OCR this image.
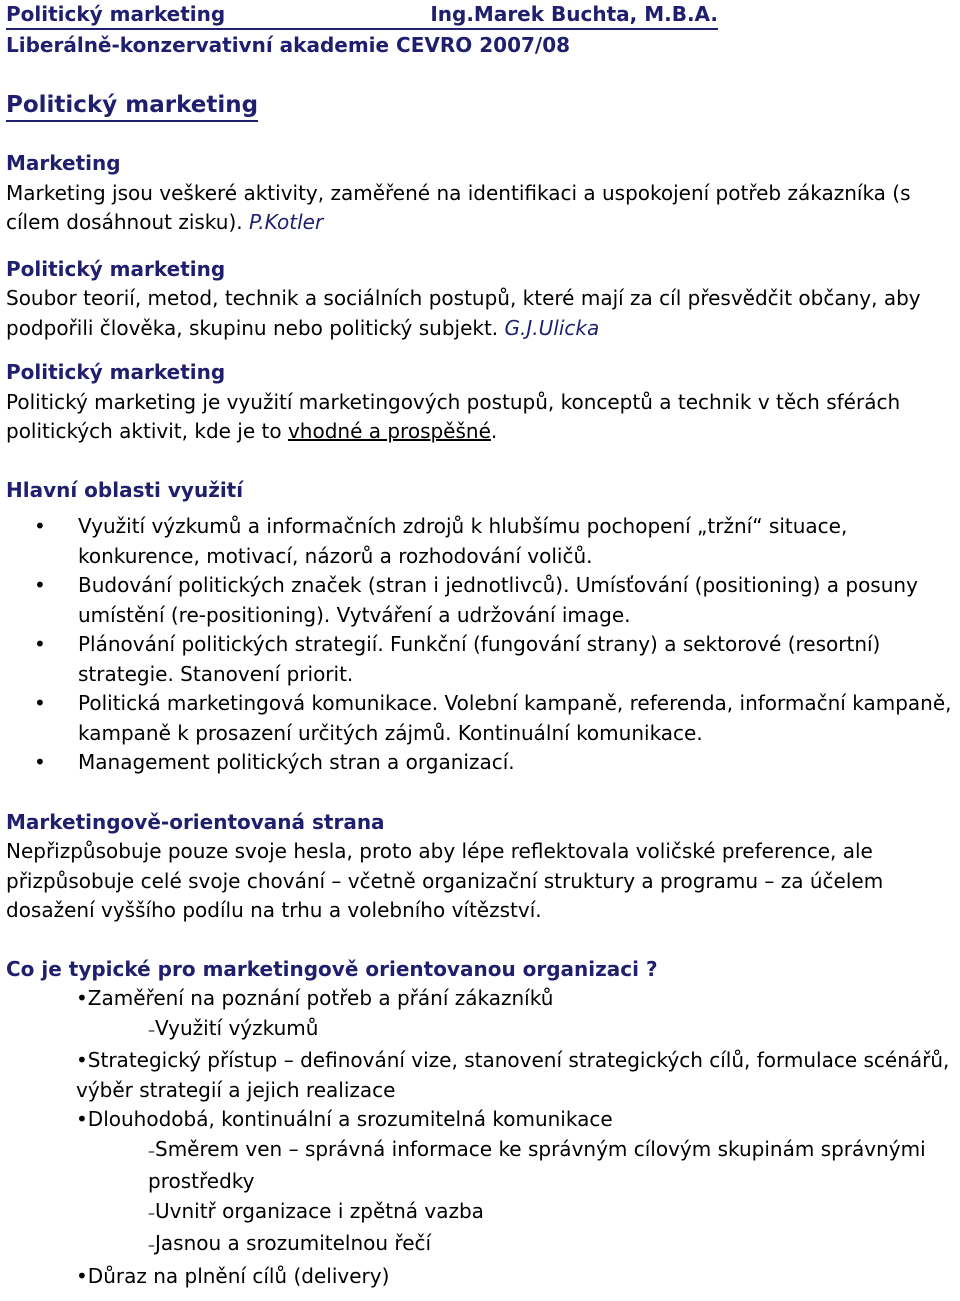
Politický marketing	Ing.Marek Buchta, M.B.A.
Liberálně-konzervativní akademie CEVRO 2007/08
Politický marketing
Marketing
Marketing jsou veškeré aktivity, zaměřené na identifikaci a uspokojení potřeb zákazníka (s cílem dosáhnout zisku). P.Kotler
Politický marketing
Soubor teorií, metod, technik a sociálních postupů, které mají za cíl přesvědčit občany, aby podpořili člověka, skupinu nebo politický subjekt. G.J.Ulicka
Politický marketing
Politický marketing je využití marketingových postupů, konceptů a technik v těch sférách politických aktivit, kde je to vhodné a prospěšné.
Hlavní oblasti využití
• Využití výzkumů a informačních zdrojů k hlubšímu pochopení „tržní“ situace, konkurence, motivací, názorů a rozhodování voličů.
• Budování politických značek (stran i jednotlivců). Umísťování (positioning) a posuny umístění (re-positioning). Vytváření a udržování image.
• Plánování politických strategií. Funkční (fungování strany) a sektorové (resortní) strategie. Stanovení priorit.
• Politická marketingová komunikace. Volební kampaně, referenda, informační kampaně, kampaně k prosazení určitých zájmů. Kontinuální komunikace.
• Management politických stran a organizací.
Marketingově-orientovaná strana
Nepřizpůsobuje pouze svoje hesla, proto aby lépe reflektovala voličské preference, ale přizpůsobuje celé svoje chování – včetně organizační struktury a programu – za účelem dosažení vyššího podílu na trhu a volebního vítězství.
Co je typické pro marketingově orientovanou organizaci ?
•Zaměření na poznání potřeb a přání zákazníků
–Využití výzkumů
•Strategický přístup – definování vize, stanovení strategických cílů, formulace scénářů, výběr strategií a jejich realizace
•Dlouhodobá, kontinuální a srozumitelná komunikace
–Směrem ven – správná informace ke správným cílovým skupinám správnými prostředky
–Uvnitř organizace i zpětná vazba
–Jasnou a srozumitelnou řečí
•Důraz na plnění cílů (delivery)
